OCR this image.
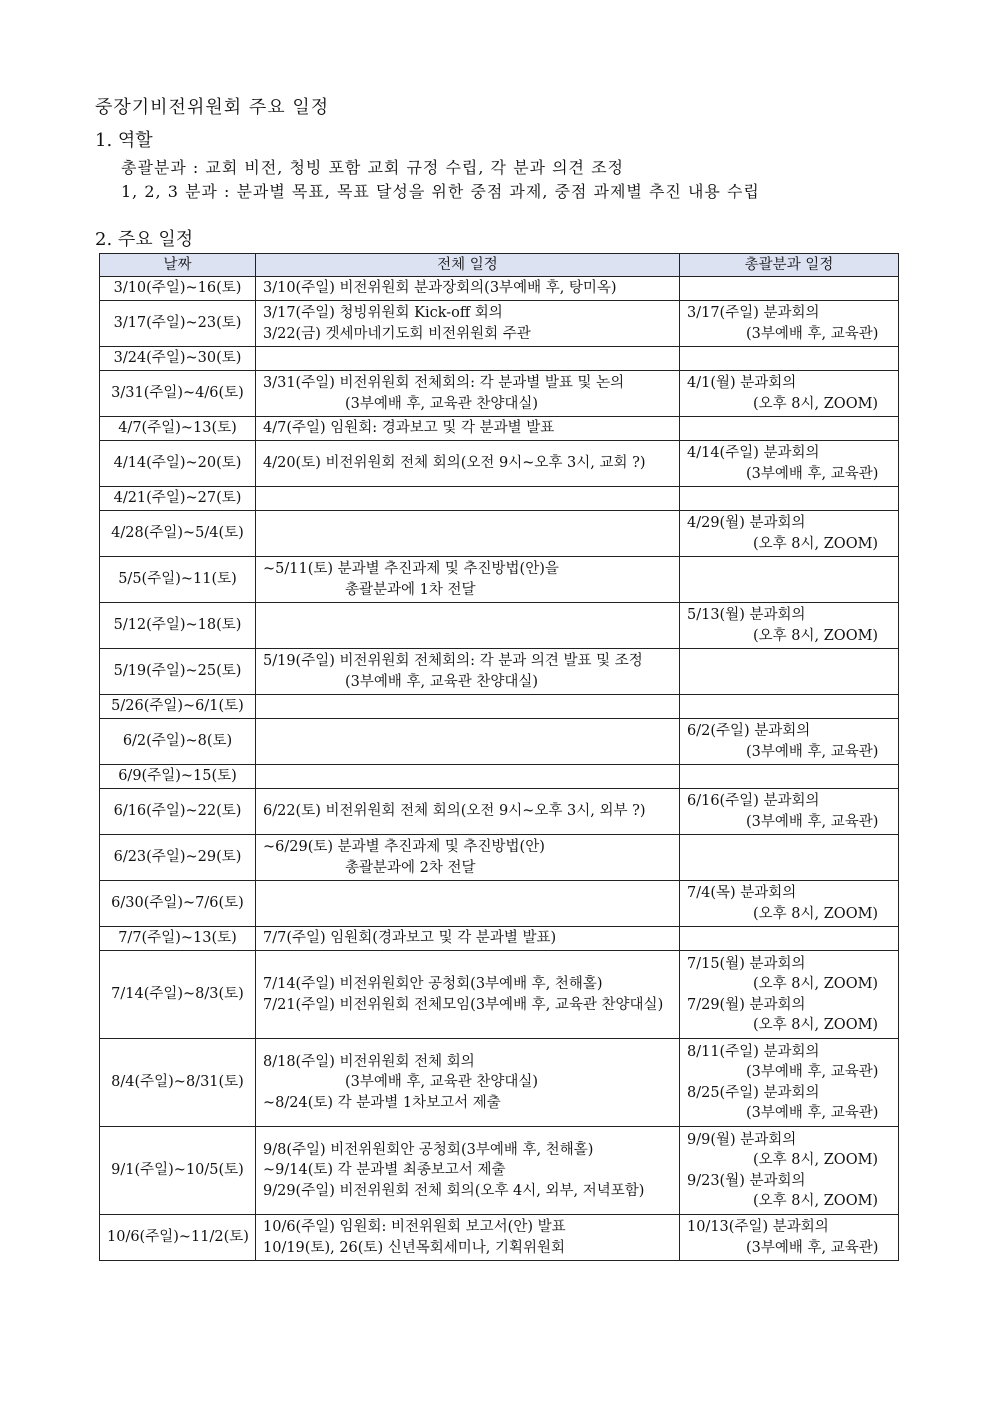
중장기비전위원회 주요 일정
1. 역할
총괄분과 : 교회 비전, 청빙 포함 교회 규정 수립, 각 분과 의견 조정
1, 2, 3 분과 : 분과별 목표, 목표 달성을 위한 중점 과제, 중점 과제별 추진 내용 수립
2. 주요 일정
날짜	전체 일정	총괄분과 일정
3/10(주일)~16(토)	3/10(주일) 비전위원회 분과장회의(3부예배 후, 탕미옥)	

3/17(주일)~23(토)	3/17(주일) 청빙위원회 Kick-off 회의
3/22(금) 겟세마네기도회 비전위원회 주관	3/17(주일) 분과회의
(3부예배 후, 교육관)

3/24(주일)~30(토)		
3/31(주일)~4/6(토)	3/31(주일) 비전위원회 전체회의: 각 분과별 발표 및 논의
(3부예배 후, 교육관 찬양대실)	4/1(월) 분과회의
(오후 8시, ZOOM)

4/7(주일)~13(토)	4/7(주일) 임원회: 경과보고 및 각 분과별 발표	

4/14(주일)~20(토)	4/20(토) 비전위원회 전체 회의(오전 9시~오후 3시, 교회 ?)	4/14(주일) 분과회의
(3부예배 후, 교육관)

4/21(주일)~27(토)		
4/28(주일)~5/4(토)		4/29(월) 분과회의
(오후 8시, ZOOM)

5/5(주일)~11(토)	~5/11(토) 분과별 추진과제 및 추진방법(안)을
총괄분과에 1차 전달	

5/12(주일)~18(토)		5/13(월) 분과회의
(오후 8시, ZOOM)

5/19(주일)~25(토)	5/19(주일) 비전위원회 전체회의: 각 분과 의견 발표 및 조정
(3부예배 후, 교육관 찬양대실)	

5/26(주일)~6/1(토)		
6/2(주일)~8(토)		6/2(주일) 분과회의
(3부예배 후, 교육관)

6/9(주일)~15(토)		
6/16(주일)~22(토)	6/22(토) 비전위원회 전체 회의(오전 9시~오후 3시, 외부 ?)	6/16(주일) 분과회의
(3부예배 후, 교육관)

6/23(주일)~29(토)	~6/29(토) 분과별 추진과제 및 추진방법(안)
총괄분과에 2차 전달	

6/30(주일)~7/6(토)		7/4(목) 분과회의
(오후 8시, ZOOM)

7/7(주일)~13(토)	7/7(주일) 임원회(경과보고 및 각 분과별 발표)	

7/14(주일)~8/3(토)	7/14(주일) 비전위원회안 공청회(3부예배 후, 천해홀)
7/21(주일) 비전위원회 전체모임(3부예배 후, 교육관 찬양대실)	7/15(월) 분과회의
(오후 8시, ZOOM)
7/29(월) 분과회의
(오후 8시, ZOOM)

8/4(주일)~8/31(토)	8/18(주일) 비전위원회 전체 회의
(3부예배 후, 교육관 찬양대실)
~8/24(토) 각 분과별 1차보고서 제출	8/11(주일) 분과회의
(3부예배 후, 교육관)
8/25(주일) 분과회의
(3부예배 후, 교육관)

9/1(주일)~10/5(토)	9/8(주일) 비전위원회안 공청회(3부예배 후, 천해홀)
~9/14(토) 각 분과별 최종보고서 제출
9/29(주일) 비전위원회 전체 회의(오후 4시, 외부, 저녁포함)	9/9(월) 분과회의
(오후 8시, ZOOM)
9/23(월) 분과회의
(오후 8시, ZOOM)

10/6(주일)~11/2(토)	10/6(주일) 임원회: 비전위원회 보고서(안) 발표
10/19(토), 26(토) 신년목회세미나, 기획위원회	10/13(주일) 분과회의
(3부예배 후, 교육관)
